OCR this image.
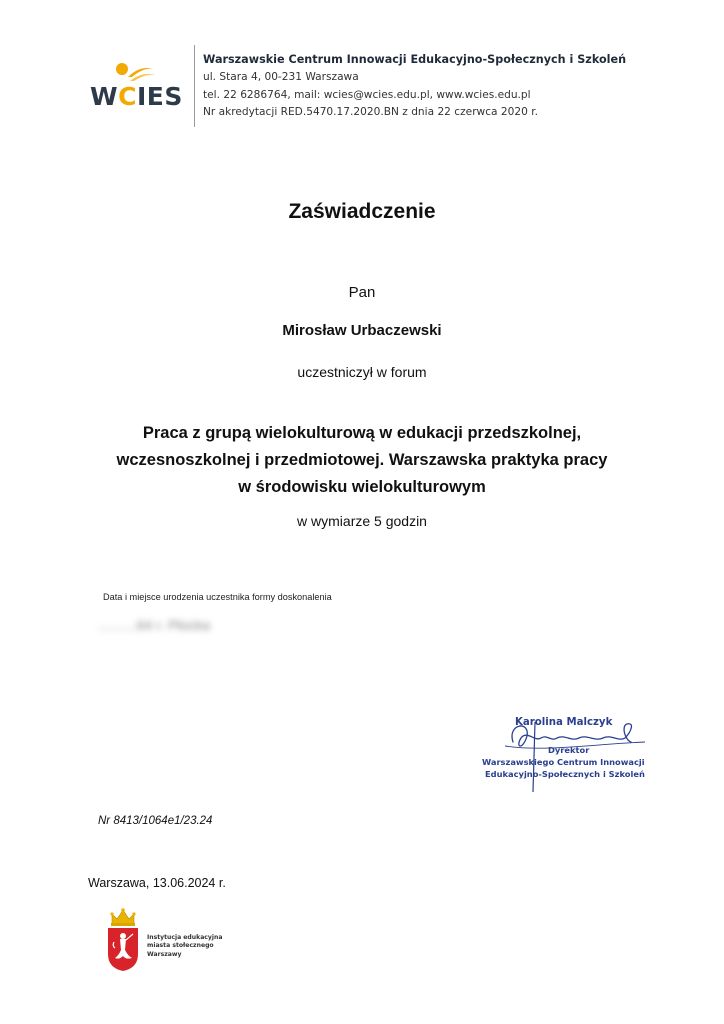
WCIES
Warszawskie Centrum Innowacji Edukacyjno-Społecznych i Szkoleń
ul. Stara 4, 00-231 Warszawa
tel. 22 6286764, mail: wcies@wcies.edu.pl, www.wcies.edu.pl
Nr akredytacji RED.5470.17.2020.BN z dnia 22 czerwca 2020 r.
Zaświadczenie
Pan
Mirosław Urbaczewski
uczestniczył w forum
Praca z grupą wielokulturową w edukacji przedszkolnej,
wczesnoszkolnej i przedmiotowej. Warszawska praktyka pracy
w środowisku wielokulturowym
w wymiarze 5 godzin
Data i miejsce urodzenia uczestnika formy doskonalenia
..........64 r. Płocka
Karolina Malczyk
Dyrektor
Warszawskiego Centrum Innowacji
Edukacyjno-Społecznych i Szkoleń
Nr 8413/1064e1/23.24
Warszawa, 13.06.2024 r.
Instytucja edukacyjna
miasta stołecznego
Warszawy
